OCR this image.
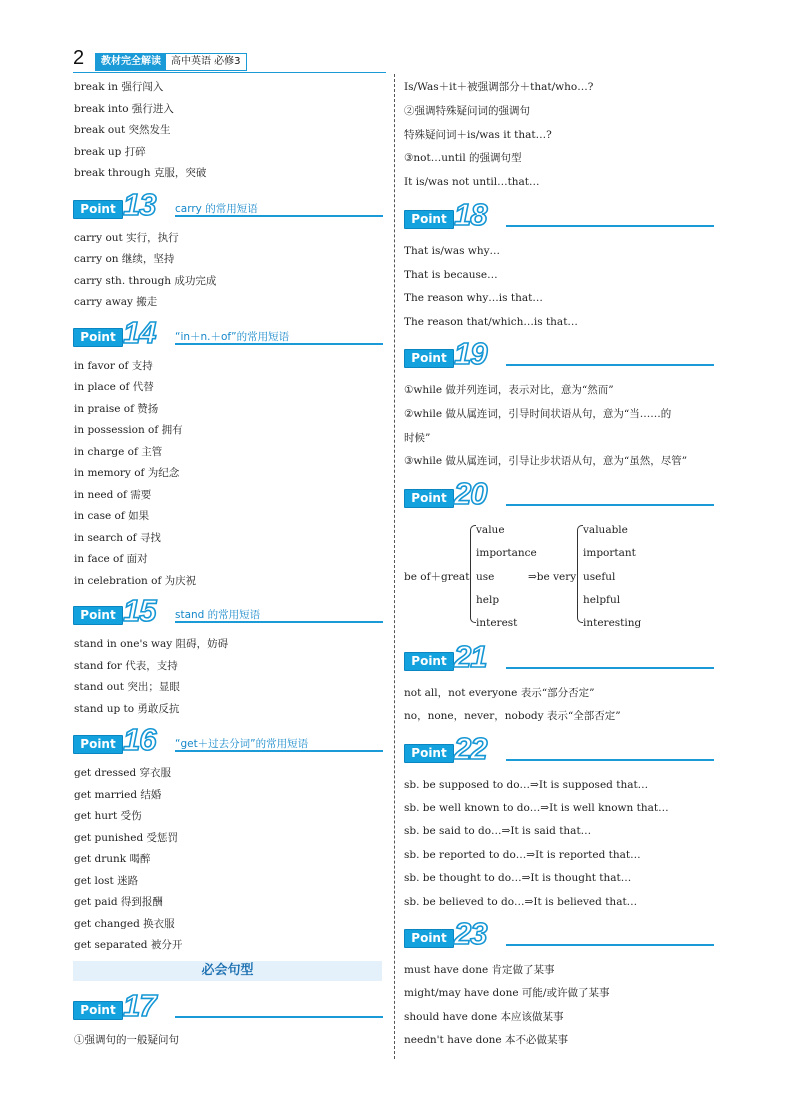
2	教材完全解读	高中英语 必修3
break in 强行闯入
break into 强行进入
break out 突然发生
break up 打碎
break through 克服，突破
Point 13 carry 的常用短语
carry out 实行，执行
carry on 继续，坚持
carry sth. through 成功完成
carry away 搬走
Point 14 “in＋n.＋of”的常用短语
in favor of 支持
in place of 代替
in praise of 赞扬
in possession of 拥有
in charge of 主管
in memory of 为纪念
in need of 需要
in case of 如果
in search of 寻找
in face of 面对
in celebration of 为庆祝
Point 15 stand 的常用短语
stand in one's way 阻碍，妨碍
stand for 代表，支持
stand out 突出；显眼
stand up to 勇敢反抗
Point 16 “get＋过去分词”的常用短语
get dressed 穿衣服
get married 结婚
get hurt 受伤
get punished 受惩罚
get drunk 喝醉
get lost 迷路
get paid 得到报酬
get changed 换衣服
get separated 被分开
必会句型
Point 17
①强调句的一般疑问句
Is/Was＋it＋被强调部分＋that/who…?
②强调特殊疑问词的强调句
特殊疑问词＋is/was it that…?
③not…until 的强调句型
It is/was not until…that…
Point 18
That is/was why…
That is because…
The reason why…is that…
The reason that/which…is that…
Point 19
①while 做并列连词，表示对比，意为“然而”
②while 做从属连词，引导时间状语从句，意为“当……的
时候”
③while 做从属连词，引导让步状语从句，意为“虽然，尽管”
Point 20
be of＋great
value
importance
use
help
interest
⇒be very
valuable
important
useful
helpful
interesting
Point 21
not all，not everyone 表示“部分否定”
no，none，never，nobody 表示“全部否定”
Point 22
sb. be supposed to do…⇒It is supposed that…
sb. be well known to do…⇒It is well known that…
sb. be said to do…⇒It is said that…
sb. be reported to do…⇒It is reported that…
sb. be thought to do…⇒It is thought that…
sb. be believed to do…⇒It is believed that…
Point 23
must have done 肯定做了某事
might/may have done 可能/或许做了某事
should have done 本应该做某事
needn't have done 本不必做某事
